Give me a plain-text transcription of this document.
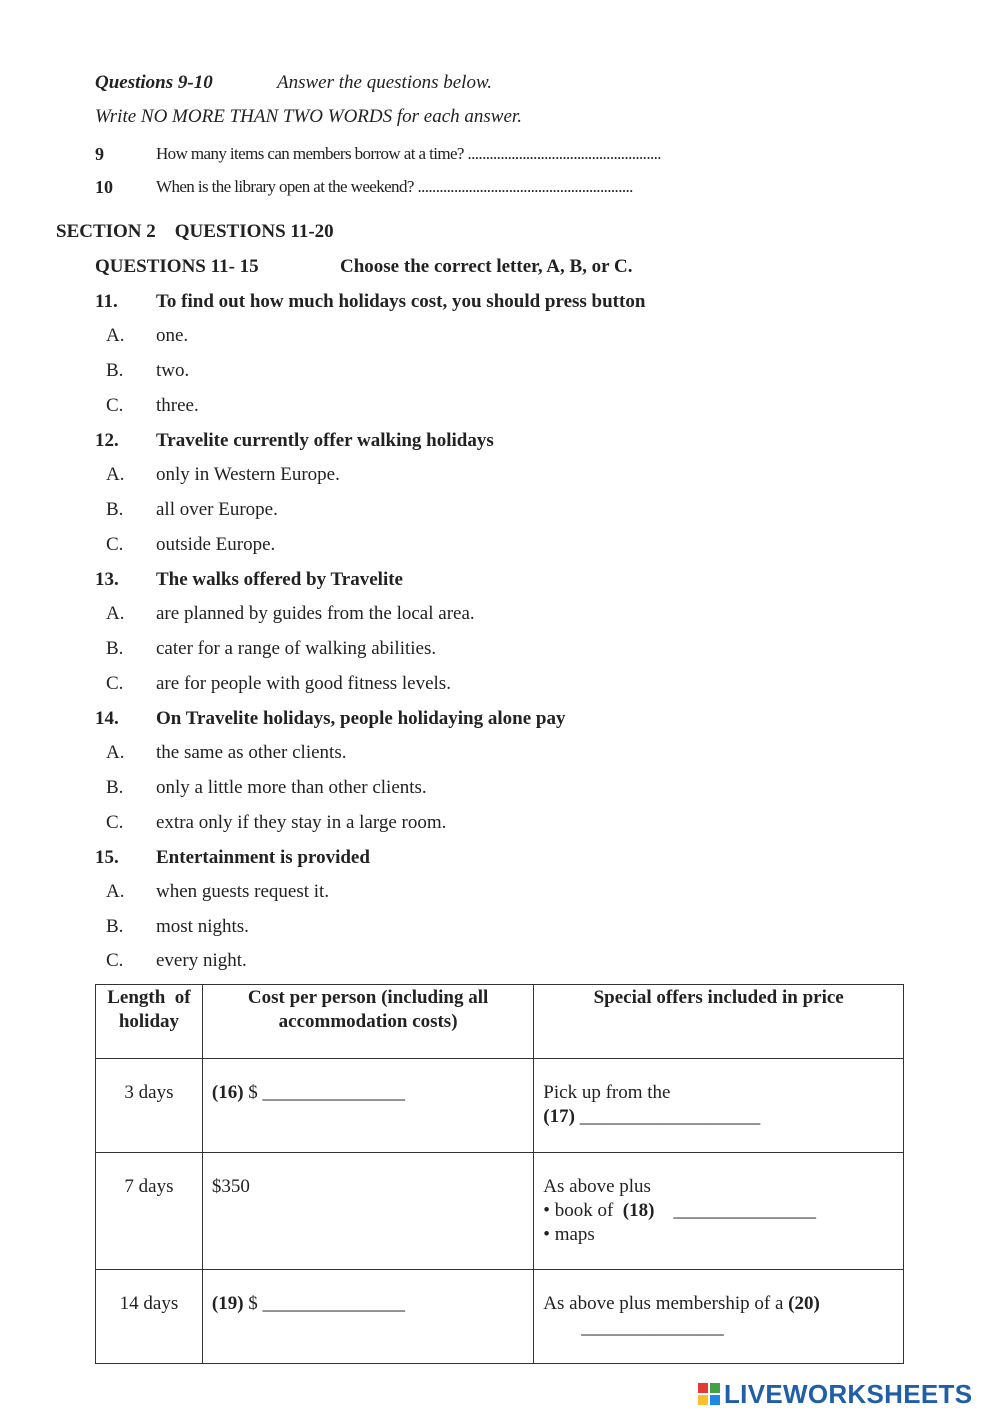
Questions 9-10	Answer the questions below.
Write NO MORE THAN TWO WORDS for each answer.
9	How many items can members borrow at a time? .....................................................
10	When is the library open at the weekend? ...........................................................
SECTION 2    QUESTIONS 11-20
QUESTIONS 11- 15	Choose the correct letter, A, B, or C.
11. To find out how much holidays cost, you should press button
A. one.
B. two.
C. three.
12. Travelite currently offer walking holidays
A. only in Western Europe.
B. all over Europe.
C. outside Europe.
13. The walks offered by Travelite
A. are planned by guides from the local area.
B. cater for a range of walking abilities.
C. are for people with good fitness levels.
14. On Travelite holidays, people holidaying alone pay
A. the same as other clients.
B. only a little more than other clients.
C. extra only if they stay in a large room.
15. Entertainment is provided
A. when guests request it.
B. most nights.
C. every night.
Length  of holiday	Cost per person (including all accommodation costs)	Special offers included in price

3 days	(16) $ _______________	Pick up from the
(17) ___________________

7 days	$350	As above plus
• book of  (18) _______________
• maps

14 days	(19) $ _______________	As above plus membership of a (20)
_______________
LIVEWORKSHEETS
